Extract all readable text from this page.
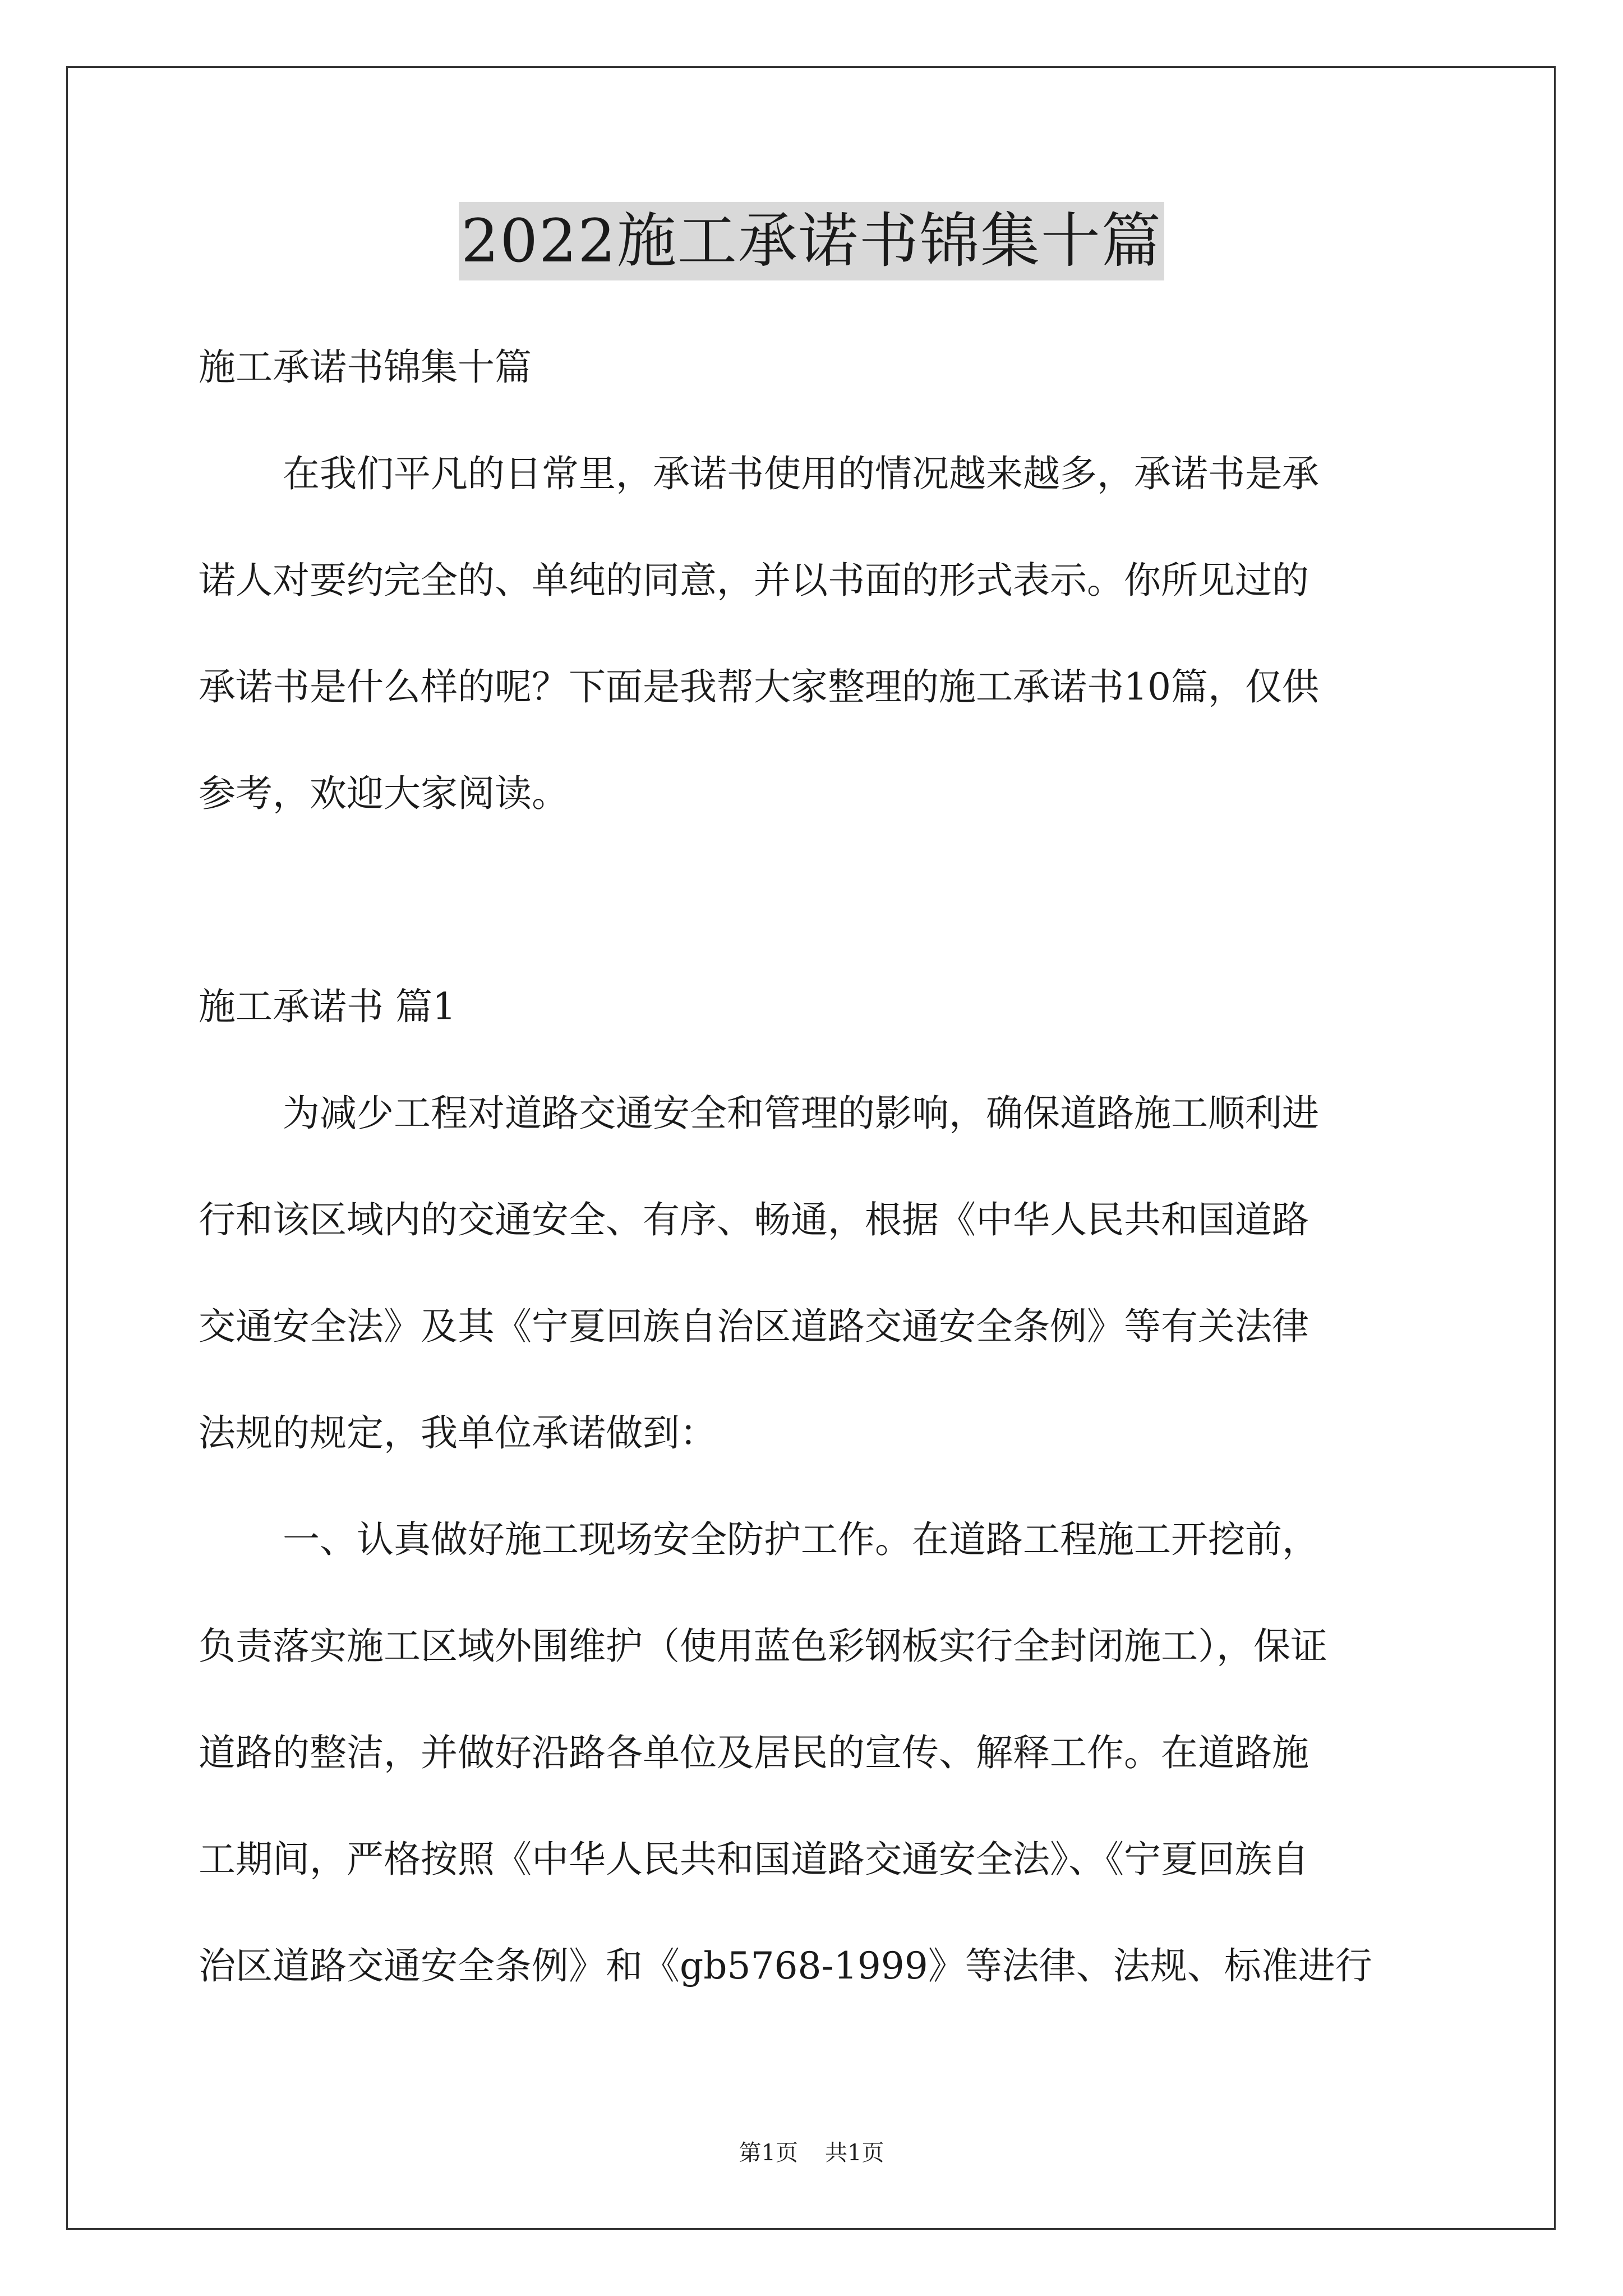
2022施工承诺书锦集十篇
施工承诺书锦集十篇
在我们平凡的日常里，承诺书使用的情况越来越多，承诺书是承
诺人对要约完全的、单纯的同意，并以书面的形式表示。你所见过的
承诺书是什么样的呢？下面是我帮大家整理的施工承诺书10篇，仅供
参考，欢迎大家阅读。
施工承诺书 篇1
为减少工程对道路交通安全和管理的影响，确保道路施工顺利进
行和该区域内的交通安全、有序、畅通，根据《中华人民共和国道路
交通安全法》及其《宁夏回族自治区道路交通安全条例》等有关法律
法规的规定，我单位承诺做到：
一、认真做好施工现场安全防护工作。在道路工程施工开挖前，
负责落实施工区域外围维护（使用蓝色彩钢板实行全封闭施工），保证
道路的整洁，并做好沿路各单位及居民的宣传、解释工作。在道路施
工期间，严格按照《中华人民共和国道路交通安全法》、《宁夏回族自
治区道路交通安全条例》和《gb5768-1999》等法律、法规、标准进行
第1页 共1页
